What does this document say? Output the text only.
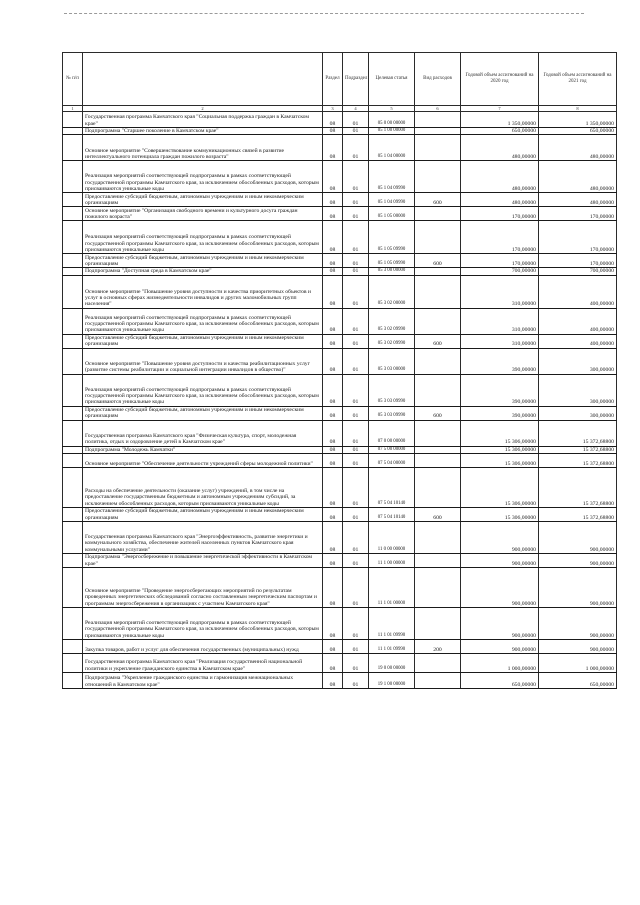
№ п/п		Раздел	Подраздел	Целевая статья	Вид расходов	Годовой объем ассигнований на 2020 год	Годовой объем ассигнований на 2021 год
1	2	3	4	5	6	7	8
	Государственная программа Камчатского края "Социальная поддержка граждан в Камчатском крае"	08	01	05 0 00 00000		1 350,00000	1 350,00000
	Подпрограмма "Старшее поколение в Камчатском крае"	08	01	05 1 00 00000		650,00000	650,00000
	Основное мероприятие "Совершенствование коммуникационных связей в развитие интеллектуального потенциала граждан пожилого возраста"	08	01	05 1 04 00000		480,00000	480,00000
	Реализация мероприятий соответствующей подпрограммы в рамках соответствующей государственной программы Камчатского края, за исключением обособленных расходов, которым присваиваются уникальные коды	08	01	05 1 04 09990		480,00000	480,00000
	Предоставление субсидий бюджетным, автономным учреждениям и иным некоммерческим организациям	08	01	05 1 04 09990	600	480,00000	480,00000
	Основное мероприятие "Организация свободного времени и культурного досуга граждан пожилого возраста"	08	01	05 1 05 00000		170,00000	170,00000
	Реализация мероприятий соответствующей подпрограммы в рамках соответствующей государственной программы Камчатского края, за исключением обособленных расходов, которым присваиваются уникальные коды	08	01	05 1 05 09990		170,00000	170,00000
	Предоставление субсидий бюджетным, автономным учреждениям и иным некоммерческим организациям	08	01	05 1 05 09990	600	170,00000	170,00000
	Подпрограмма "Доступная среда в Камчатском крае"	08	01	05 3 00 00000		700,00000	700,00000
	Основное мероприятие "Повышение уровня доступности и качества приоритетных объектов и услуг в основных сферах жизнедеятельности инвалидов и других маломобильных групп населения"	08	01	05 3 02 00000		310,00000	400,00000
	Реализация мероприятий соответствующей подпрограммы в рамках соответствующей государственной программы Камчатского края, за исключением обособленных расходов, которым присваиваются уникальные коды	08	01	05 3 02 09990		310,00000	400,00000
	Предоставление субсидий бюджетным, автономным учреждениям и иным некоммерческим организациям	08	01	05 3 02 09990	600	310,00000	400,00000
	Основное мероприятие "Повышение уровня доступности и качества реабилитационных услуг (развитие системы реабилитации и социальной интеграции инвалидов в общество)"	08	01	05 3 03 00000		390,00000	300,00000
	Реализация мероприятий соответствующей подпрограммы в рамках соответствующей государственной программы Камчатского края, за исключением обособленных расходов, которым присваиваются уникальные коды	08	01	05 3 03 09990		390,00000	300,00000
	Предоставление субсидий бюджетным, автономным учреждениям и иным некоммерческим организациям	08	01	05 3 03 09990	600	390,00000	300,00000
	Государственная программа Камчатского края "Физическая культура, спорт, молодежная политика, отдых и оздоровление детей в Камчатском крае"	08	01	07 0 00 00000		15 306,00000	15 372,68800
	Подпрограмма "Молодежь Камчатки"	08	01	07 5 00 00000		15 306,00000	15 372,68800
	Основное мероприятие "Обеспечение деятельности учреждений сферы молодежной политики"	08	01	07 5 04 00000		15 306,00000	15 372,68800
	Расходы на обеспечение деятельности (оказание услуг) учреждений, в том числе на предоставление государственным бюджетным и автономным учреждениям субсидий, за исключением обособленных расходов, которым присваиваются уникальные коды	08	01	07 5 04 10140		15 306,00000	15 372,68800
	Предоставление субсидий бюджетным, автономным учреждениям и иным некоммерческим организациям	08	01	07 5 04 10140	600	15 306,00000	15 372,68800
	Государственная программа Камчатского края "Энергоэффективность, развитие энергетики и коммунального хозяйства, обеспечение жителей населенных пунктов Камчатского края коммунальными услугами"	08	01	11 0 00 00000		900,00000	900,00000
	Подпрограмма "Энергосбережение и повышение энергетической эффективности в Камчатском крае"	08	01	11 1 00 00000		900,00000	900,00000
	Основное мероприятие "Проведение энергосберегающих мероприятий по результатам проведенных энергетических обследований согласно составленным энергетическим паспортам и программам энергосбережения в организациях с участием Камчатского края"	08	01	11 1 01 00000		900,00000	900,00000
	Реализация мероприятий соответствующей подпрограммы в рамках соответствующей государственной программы Камчатского края, за исключением обособленных расходов, которым присваиваются уникальные коды	08	01	11 1 01 09990		900,00000	900,00000
	Закупка товаров, работ и услуг для обеспечения государственных (муниципальных) нужд	08	01	11 1 01 09990	200	900,00000	900,00000
	Государственная программа Камчатского края "Реализация государственной национальной политики и укрепление гражданского единства в Камчатском крае"	08	01	19 0 00 00000		1 000,00000	1 000,00000
	Подпрограмма "Укрепление гражданского единства и гармонизация межнациональных отношений в Камчатском крае"	08	01	19 1 00 00000		650,00000	650,00000
